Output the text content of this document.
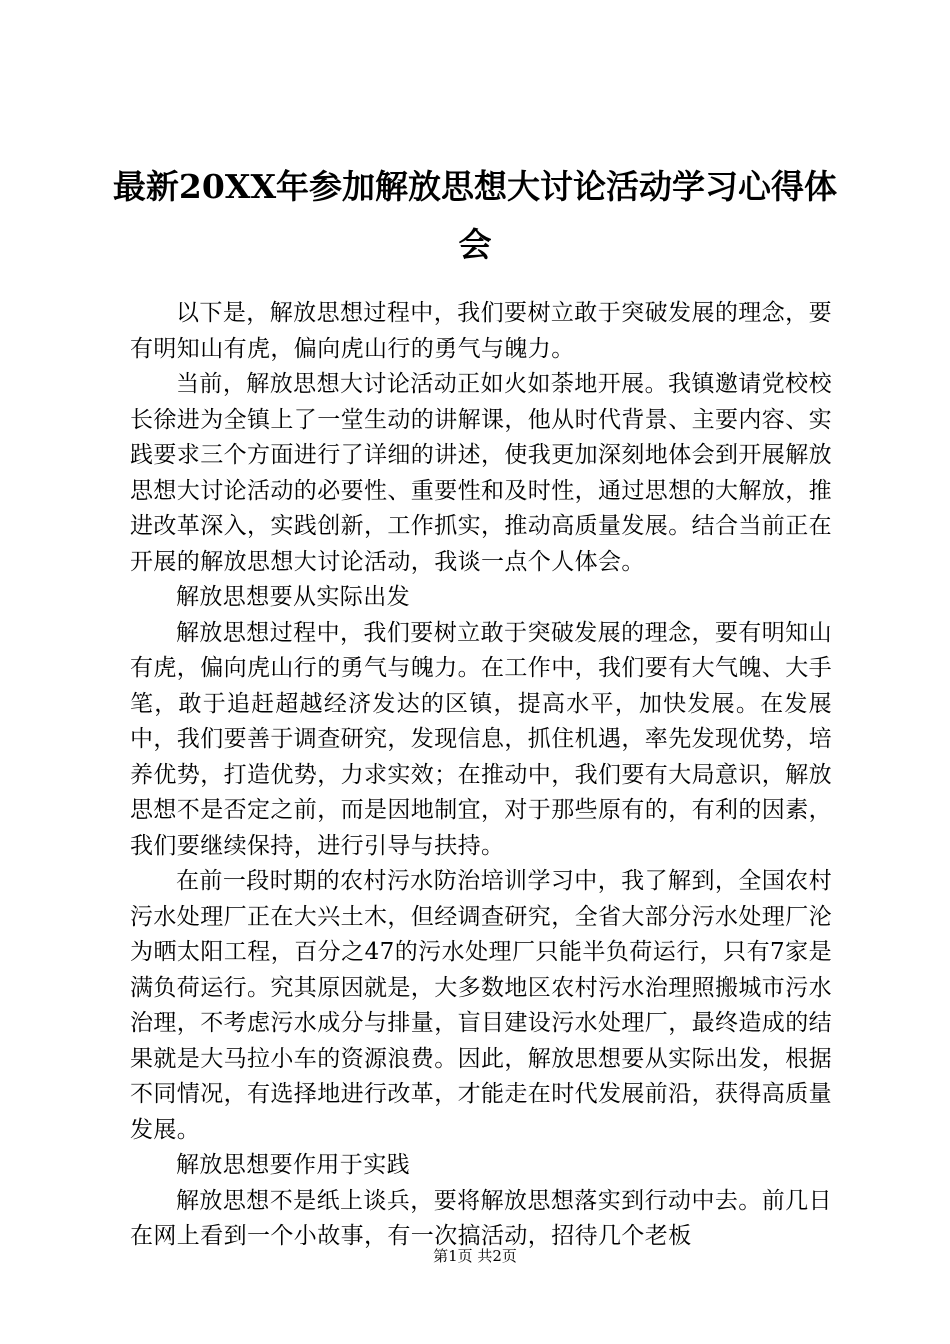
最新20XX年参加解放思想大讨论活动学习心得体会

以下是，解放思想过程中，我们要树立敢于突破发展的理念，要有明知山有虎，偏向虎山行的勇气与魄力。

当前，解放思想大讨论活动正如火如荼地开展。我镇邀请党校校长徐进为全镇上了一堂生动的讲解课，他从时代背景、主要内容、实践要求三个方面进行了详细的讲述，使我更加深刻地体会到开展解放思想大讨论活动的必要性、重要性和及时性，通过思想的大解放，推进改革深入，实践创新，工作抓实，推动高质量发展。结合当前正在开展的解放思想大讨论活动，我谈一点个人体会。

解放思想要从实际出发

解放思想过程中，我们要树立敢于突破发展的理念，要有明知山有虎，偏向虎山行的勇气与魄力。在工作中，我们要有大气魄、大手笔，敢于追赶超越经济发达的区镇，提高水平，加快发展。在发展中，我们要善于调查研究，发现信息，抓住机遇，率先发现优势，培养优势，打造优势，力求实效；在推动中，我们要有大局意识，解放思想不是否定之前，而是因地制宜，对于那些原有的，有利的因素，我们要继续保持，进行引导与扶持。

在前一段时期的农村污水防治培训学习中，我了解到，全国农村污水处理厂正在大兴土木，但经调查研究，全省大部分污水处理厂沦为晒太阳工程，百分之47的污水处理厂只能半负荷运行，只有7家是满负荷运行。究其原因就是，大多数地区农村污水治理照搬城市污水治理，不考虑污水成分与排量，盲目建设污水处理厂，最终造成的结果就是大马拉小车的资源浪费。因此，解放思想要从实际出发，根据不同情况，有选择地进行改革，才能走在时代发展前沿，获得高质量发展。

解放思想要作用于实践

解放思想不是纸上谈兵，要将解放思想落实到行动中去。前几日在网上看到一个小故事，有一次搞活动，招待几个老板

第1页 共2页
